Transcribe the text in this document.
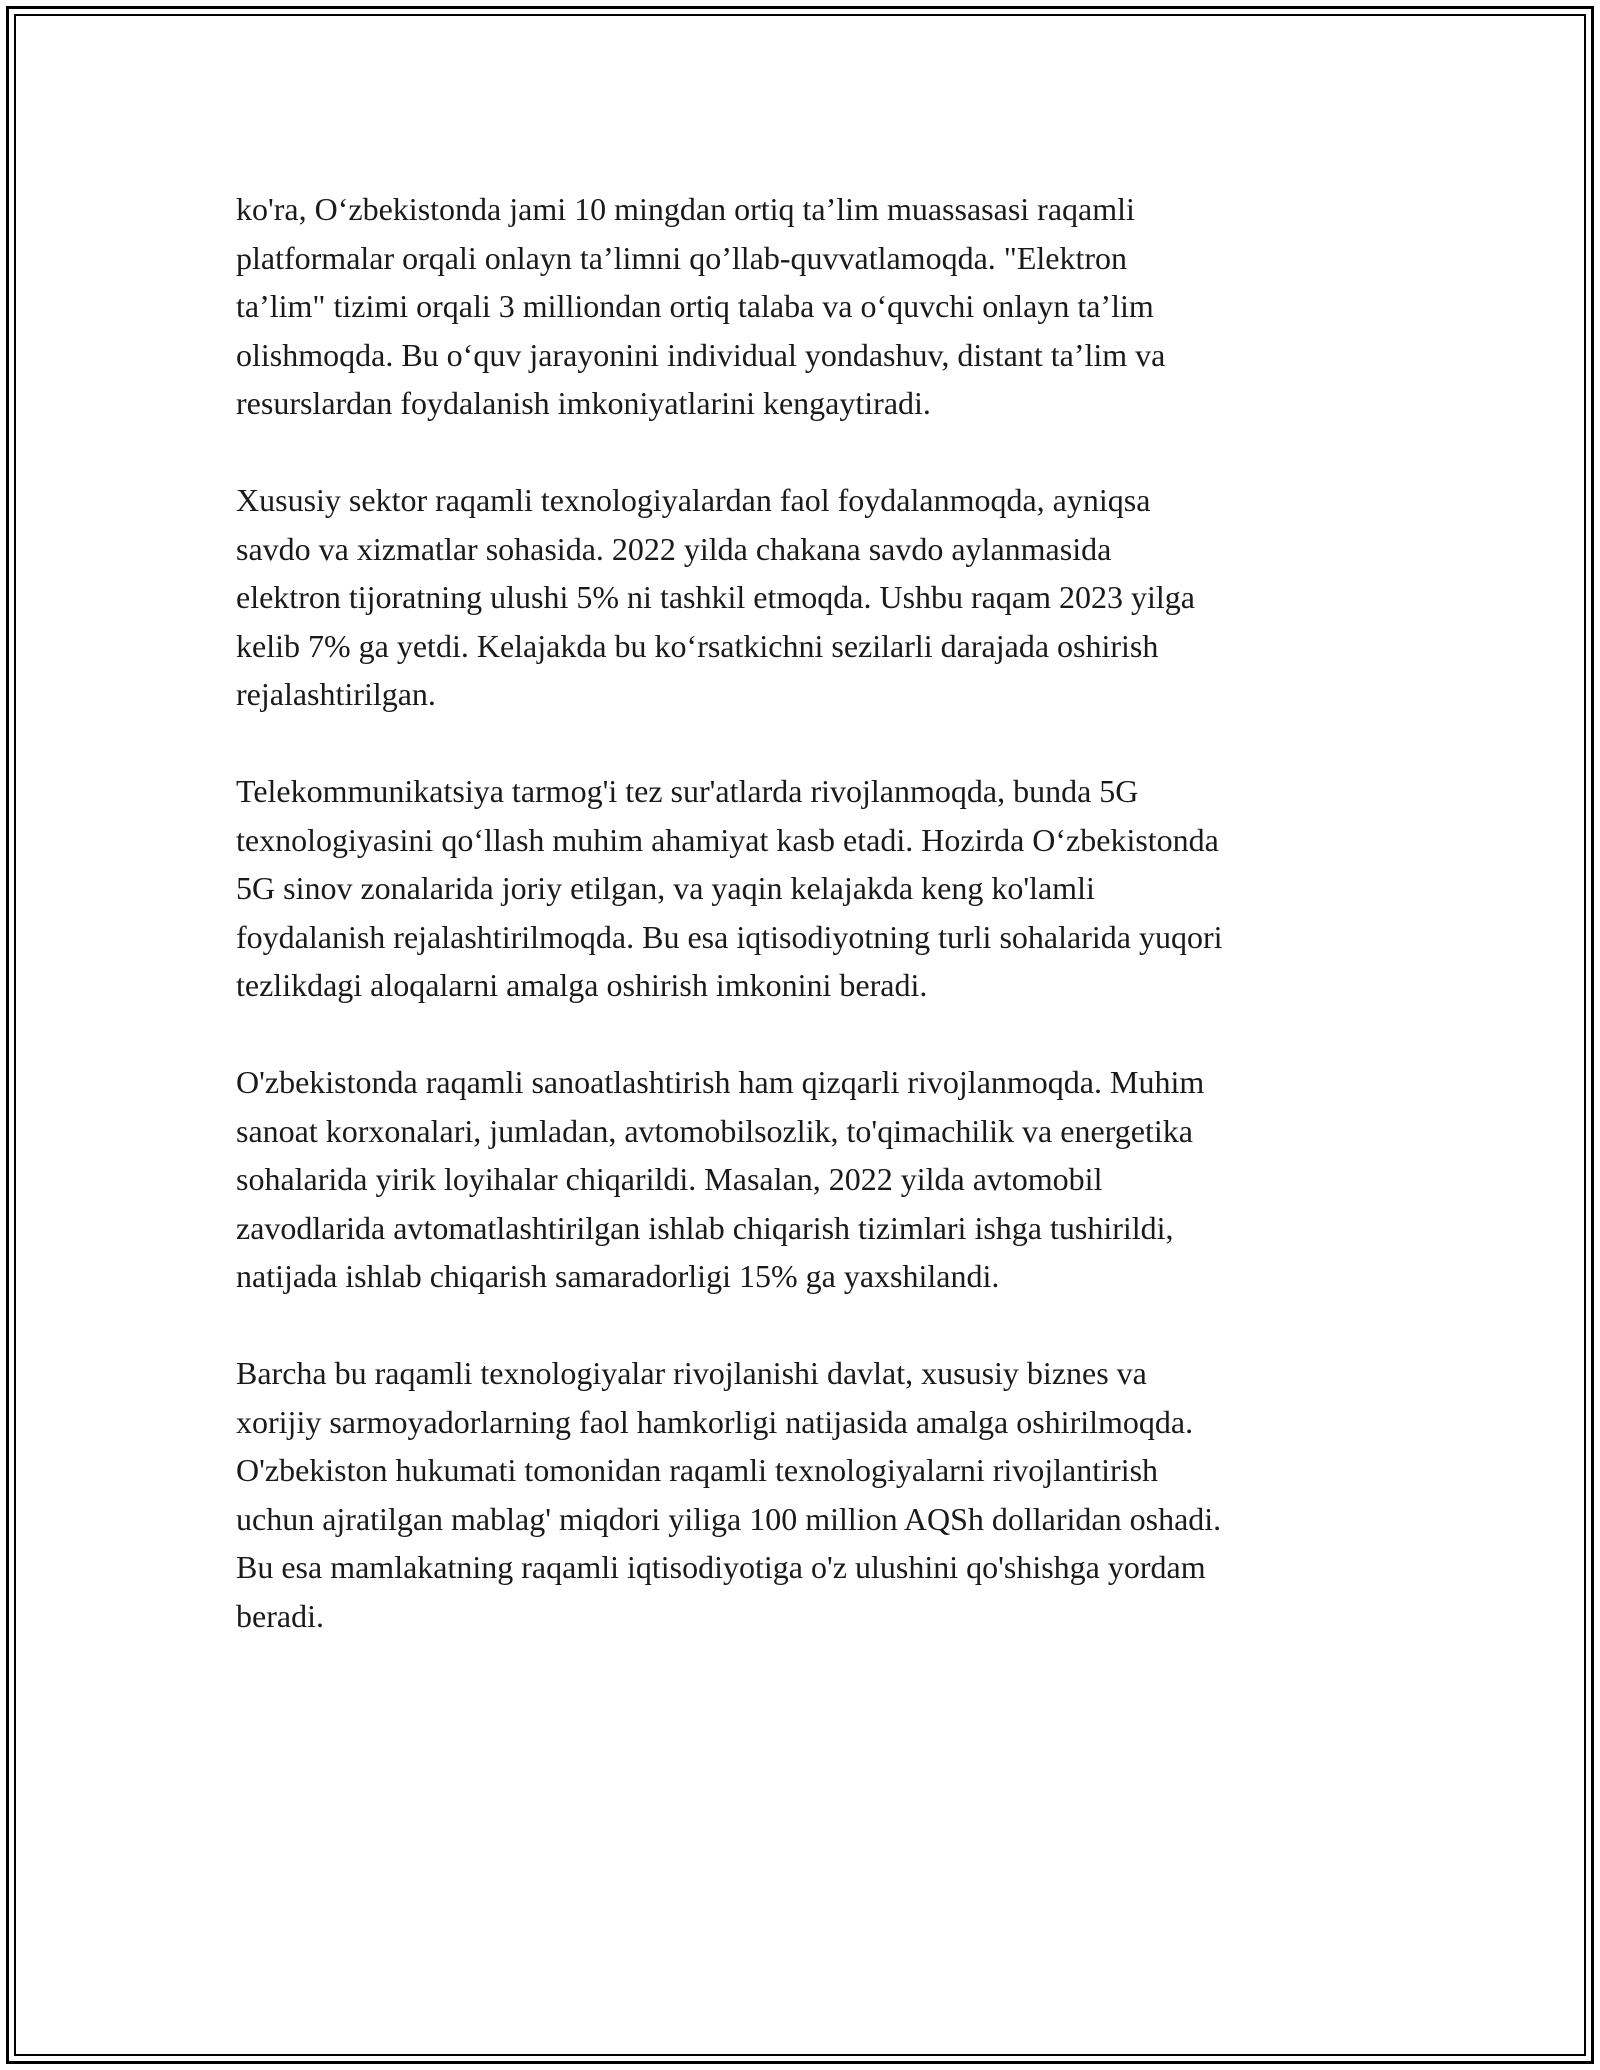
ko'ra, O‘zbekistonda jami 10 mingdan ortiq ta’lim muassasasi raqamli
platformalar orqali onlayn ta’limni qo’llab-quvvatlamoqda. "Elektron
ta’lim" tizimi orqali 3 milliondan ortiq talaba va o‘quvchi onlayn ta’lim
olishmoqda. Bu o‘quv jarayonini individual yondashuv, distant ta’lim va
resurslardan foydalanish imkoniyatlarini kengaytiradi.
Xususiy sektor raqamli texnologiyalardan faol foydalanmoqda, ayniqsa
savdo va xizmatlar sohasida. 2022 yilda chakana savdo aylanmasida
elektron tijoratning ulushi 5% ni tashkil etmoqda. Ushbu raqam 2023 yilga
kelib 7% ga yetdi. Kelajakda bu ko‘rsatkichni sezilarli darajada oshirish
rejalashtirilgan.
Telekommunikatsiya tarmog'i tez sur'atlarda rivojlanmoqda, bunda 5G
texnologiyasini qo‘llash muhim ahamiyat kasb etadi. Hozirda O‘zbekistonda
5G sinov zonalarida joriy etilgan, va yaqin kelajakda keng ko'lamli
foydalanish rejalashtirilmoqda. Bu esa iqtisodiyotning turli sohalarida yuqori
tezlikdagi aloqalarni amalga oshirish imkonini beradi.
O'zbekistonda raqamli sanoatlashtirish ham qizqarli rivojlanmoqda. Muhim
sanoat korxonalari, jumladan, avtomobilsozlik, to'qimachilik va energetika
sohalarida yirik loyihalar chiqarildi. Masalan, 2022 yilda avtomobil
zavodlarida avtomatlashtirilgan ishlab chiqarish tizimlari ishga tushirildi,
natijada ishlab chiqarish samaradorligi 15% ga yaxshilandi.
Barcha bu raqamli texnologiyalar rivojlanishi davlat, xususiy biznes va
xorijiy sarmoyadorlarning faol hamkorligi natijasida amalga oshirilmoqda.
O'zbekiston hukumati tomonidan raqamli texnologiyalarni rivojlantirish
uchun ajratilgan mablag' miqdori yiliga 100 million AQSh dollaridan oshadi.
Bu esa mamlakatning raqamli iqtisodiyotiga o'z ulushini qo'shishga yordam
beradi.
